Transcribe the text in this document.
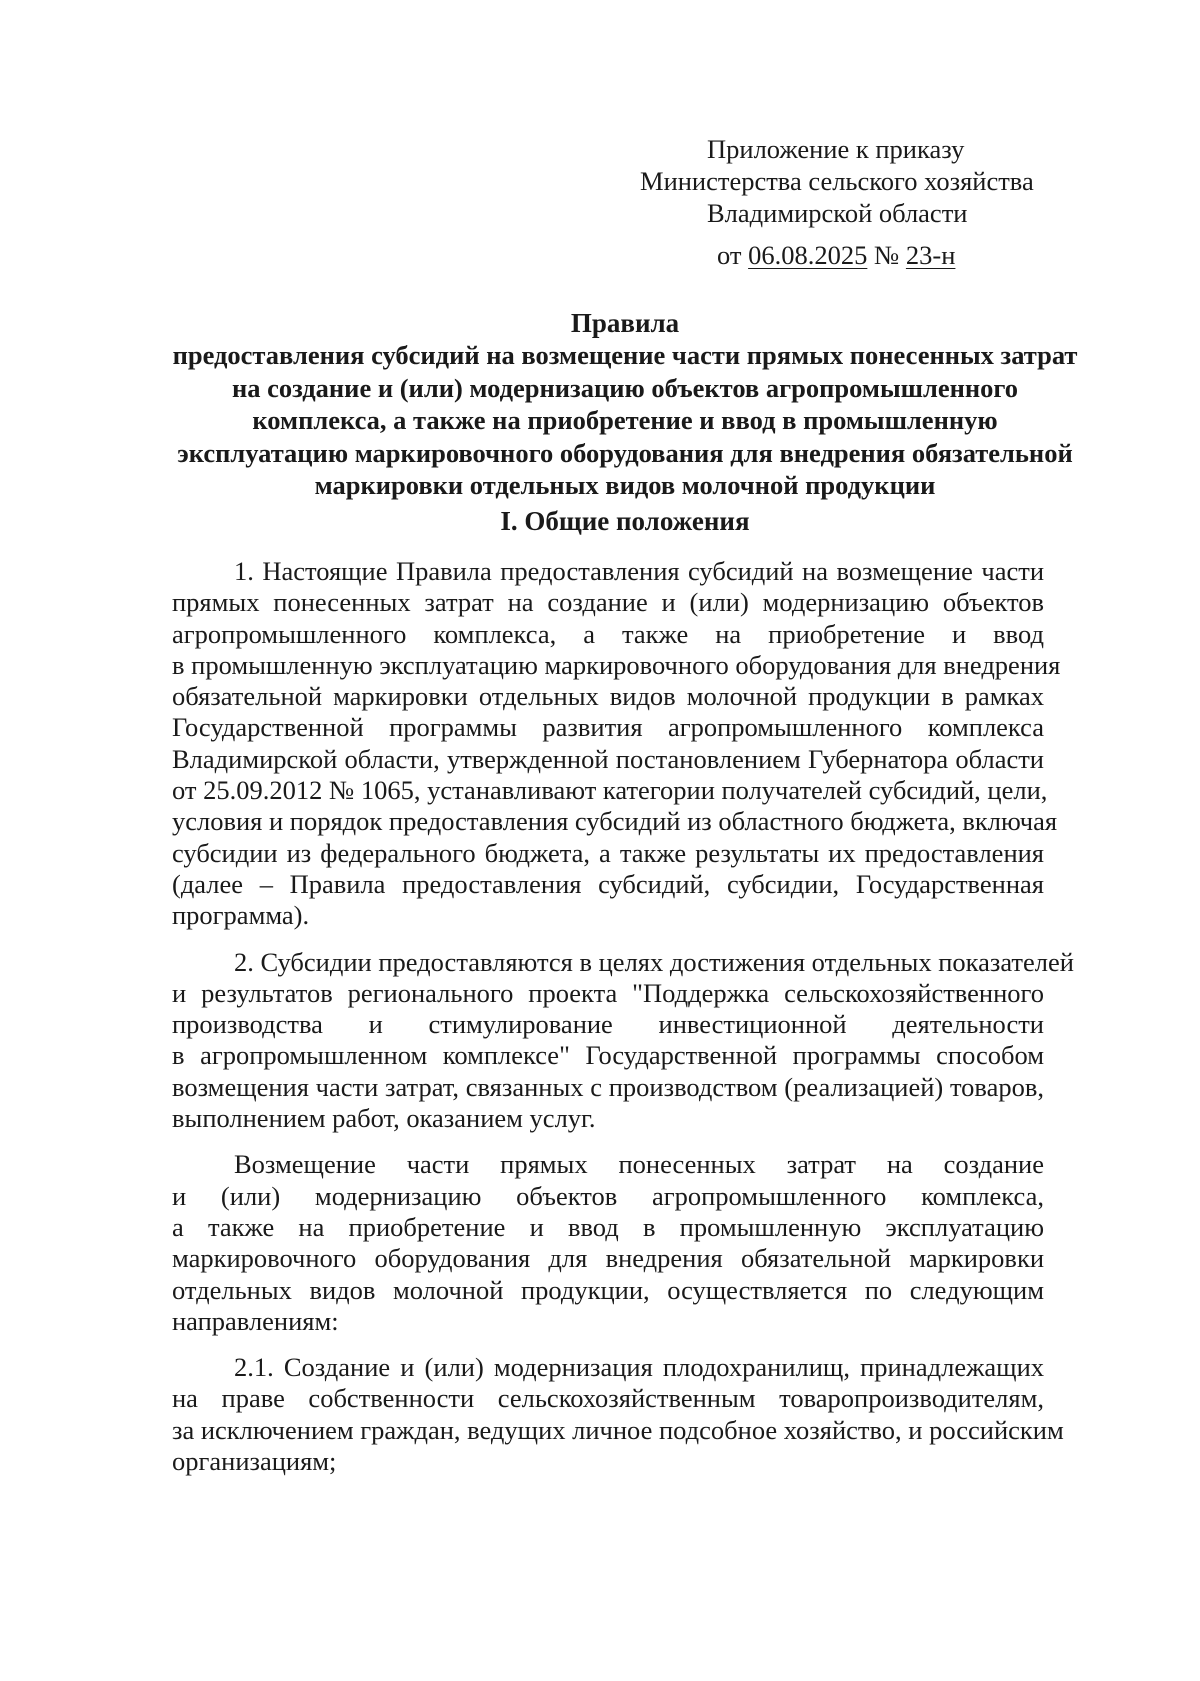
Приложение к приказу
Министерства сельского хозяйства
Владимирской области
от 06.08.2025 № 23-н
Правила
предоставления субсидий на возмещение части прямых понесенных затрат
на создание и (или) модернизацию объектов агропромышленного
комплекса, а также на приобретение и ввод в промышленную
эксплуатацию маркировочного оборудования для внедрения обязательной
маркировки отдельных видов молочной продукции
I. Общие положения
1. Настоящие Правила предоставления субсидий на возмещение части
прямых понесенных затрат на создание и (или) модернизацию объектов
агропромышленного комплекса, а также на приобретение и ввод
в промышленную эксплуатацию маркировочного оборудования для внедрения
обязательной маркировки отдельных видов молочной продукции в рамках
Государственной программы развития агропромышленного комплекса
Владимирской области, утвержденной постановлением Губернатора области
от 25.09.2012 № 1065, устанавливают категории получателей субсидий, цели,
условия и порядок предоставления субсидий из областного бюджета, включая
субсидии из федерального бюджета, а также результаты их предоставления
(далее – Правила предоставления субсидий, субсидии, Государственная
программа).
2. Субсидии предоставляются в целях достижения отдельных показателей
и результатов регионального проекта "Поддержка сельскохозяйственного
производства и стимулирование инвестиционной деятельности
в агропромышленном комплексе" Государственной программы способом
возмещения части затрат, связанных с производством (реализацией) товаров,
выполнением работ, оказанием услуг.
Возмещение части прямых понесенных затрат на создание
и (или) модернизацию объектов агропромышленного комплекса,
а также на приобретение и ввод в промышленную эксплуатацию
маркировочного оборудования для внедрения обязательной маркировки
отдельных видов молочной продукции, осуществляется по следующим
направлениям:
2.1. Создание и (или) модернизация плодохранилищ, принадлежащих
на праве собственности сельскохозяйственным товаропроизводителям,
за исключением граждан, ведущих личное подсобное хозяйство, и российским
организациям;
